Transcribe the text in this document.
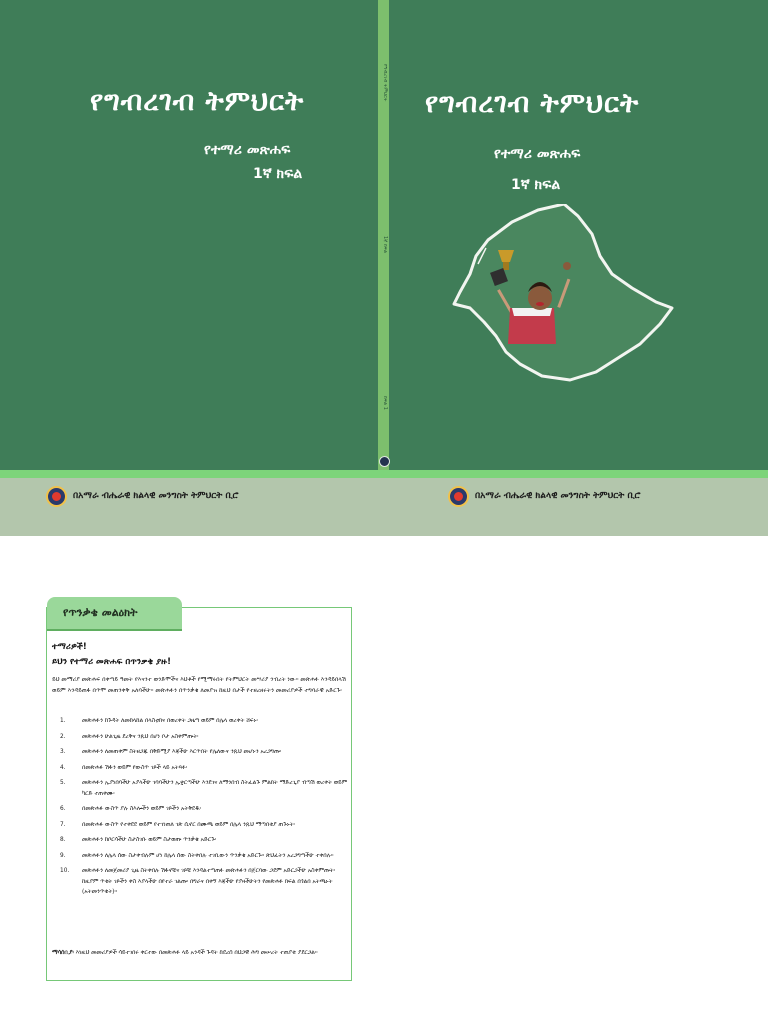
የግብረገብ ትምህርት
1ኛ ክፍል
ክፍል 1
የግብረገብ ትምህርት
የተማሪ መጽሐፍ
1ኛ ክፍል
የግብረገብ ትምህርት
የተማሪ መጽሐፍ
1ኛ ክፍል
በአማራ ብሔራዊ ክልላዊ መንግስት ትምህርት ቢሮ	በአማራ ብሔራዊ ክልላዊ መንግስት ትምህርት ቢሮ
የጥንቃቄ መልዕክት
ተማሪዎች!
ይህን የተማሪ መጽሐፍ በጥንቃቄ ያዙ!
ይህ መማሪያ መጽሐፍ በቀጣይ ዓመት የእናንተ ወንድሞችና እህቶች የሚማሩበት የትምህርት መሣሪያ ንብረት ነው፡፡ መጽሐፉ እንዳይበላሽ ወይም እንዳይጠፋ በጥሞ መጠንቀቅ አለባችሁ፡፡ መጽሐፉን በጥንቃቄ ለመያዝ ከዚህ በታች የተዘረዘሩትን መመሪያዎች ተግባራዊ አድርጉ፡
1.	መጽሐፉን ከጉዳት ለመከላከል በላስቲክና በወረቀት ጋዜጣ ወይም በሌላ ወረቀት ሸፍኑ፡
2.	መጽሐፉን ሁልጊዜ ደረቅና ንጹህ በሆነ ቦታ አስቀምጡት፡
3.	መጽሐፉን ለመጠቀም ስትዘጋጁ በቅድሚያ እጃችሁ እርጥበት የሌለውና ንጹህ መሆኑን አረጋግጡ፡
4.	በመጽሐፉ ሽፋን ወይም የውስጥ ገጾች ላይ አትጻፉ፡
5.	መጽሐፉን ኢያነበባችሁ አያላችሁ ገባባችሁን ኢቋርጣችሁ እንደገና ለማንበብ ስትፈልጉ ምልክት ማድረጊያ ብጣሽ ወረቀት ወይም ካርድ ተጠቀሙ፡
6.	በመጽሐፉ ውስጥ ያሉ ስእሎችን ወይም ገጾችን አትቅደዱ፡
7.	በመጽሐፉ ውስጥ የተቀደደ ወይም የተገነጠለ ገጽ ሲኖር በሙጫ ወይም በሌላ ንጹህ ማጣበቂያ ጠጉኑት፡
8.	መጽሐፉን ከቦርሳችሁ ስታስገቡ ወይም ስታወጡ ጥንቃቄ አድርጉ፡
9.	መጽሐፉን ለሌላ ሰው ስታቀብሉም ሆነ ከሌላ ሰው ስትቀበሉ ተገቢውን ጥንቃቄ አድርጉ፡፡ ጽህፈትን አረጋግጣችሁ ተቀበሉ፡፡
10. መጽሐፉን ለመጀመሪያ ጊዜ ስትቀበሉ ሽፋኖቹና ገጾቹ እንዳልተጣጠፉ መጽሐፉን በጀርባው ጋደም አድርጋችሁ አስቀምጡት፡ ከዚያም ጥቂት ገጾችን ቀስ እያላችሁ በየተራ ገልጡ፡ በግራና በቀኝ እጃችሁ የያዛችሁትን የመጽሐፉ ክፍል በጎልበ አትጫኑት (አትመንጥቁት)፡፡
ማሳሰቢያ፡ እነዚህ መመሪያዎች ሳይተገበሩ ቀርተው በመጽሐፉ ላይ አንዳች ጉዳት ከደረሰ በህጋዊ ሕግ መሠረት ተጠያቂ ያደርጋል፡፡
